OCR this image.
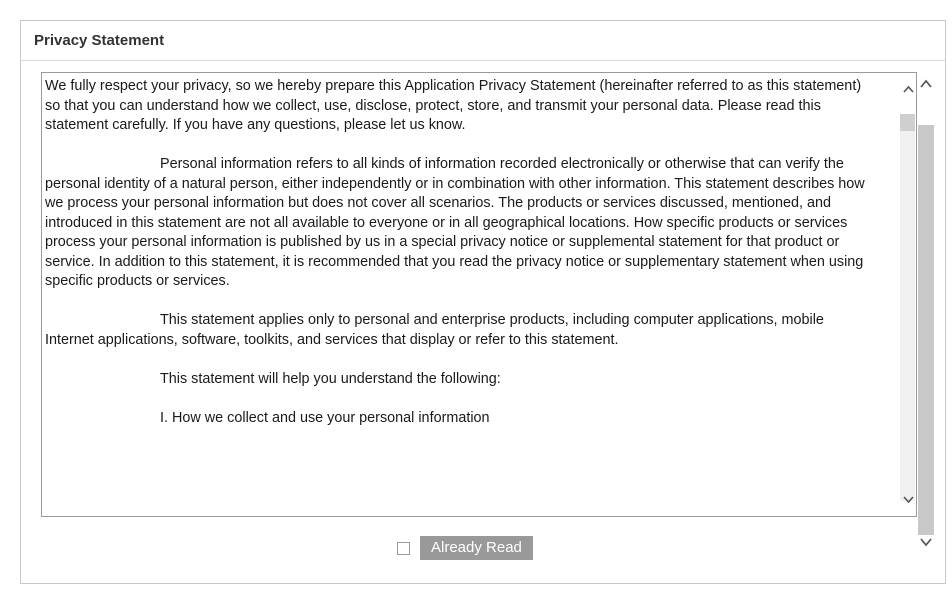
Privacy Statement

We fully respect your privacy, so we hereby prepare this Application Privacy Statement (hereinafter referred to as this statement) so that you can understand how we collect, use, disclose, protect, store, and transmit your personal data. Please read this statement carefully. If you have any questions, please let us know.

Personal information refers to all kinds of information recorded electronically or otherwise that can verify the personal identity of a natural person, either independently or in combination with other information. This statement describes how we process your personal information but does not cover all scenarios. The products or services discussed, mentioned, and introduced in this statement are not all available to everyone or in all geographical locations. How specific products or services process your personal information is published by us in a special privacy notice or supplemental statement for that product or service. In addition to this statement, it is recommended that you read the privacy notice or supplementary statement when using specific products or services.

This statement applies only to personal and enterprise products, including computer applications, mobile Internet applications, software, toolkits, and services that display or refer to this statement.

This statement will help you understand the following:

I. How we collect and use your personal information

Already Read
